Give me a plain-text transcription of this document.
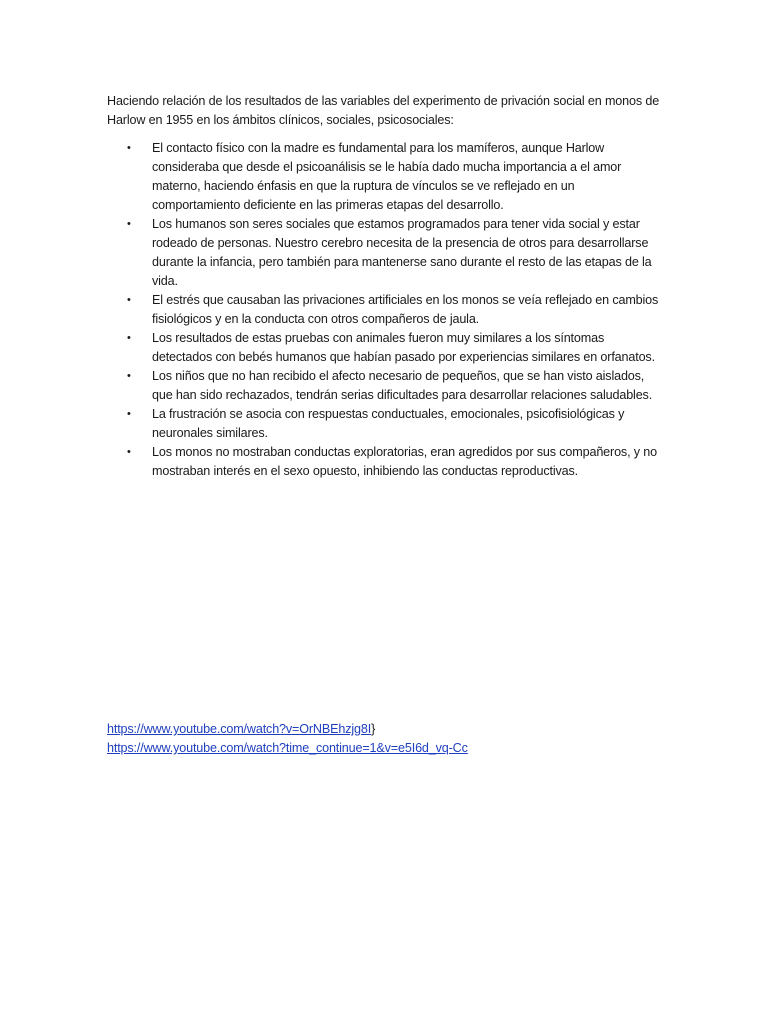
Haciendo relación de los resultados de las variables del experimento de privación social en monos de Harlow en 1955 en los ámbitos clínicos, sociales, psicosociales:

• El contacto físico con la madre es fundamental para los mamíferos, aunque Harlow consideraba que desde el psicoanálisis se le había dado mucha importancia a el amor materno, haciendo énfasis en que la ruptura de vínculos se ve reflejado en un comportamiento deficiente en las primeras etapas del desarrollo.
• Los humanos son seres sociales que estamos programados para tener vida social y estar rodeado de personas. Nuestro cerebro necesita de la presencia de otros para desarrollarse durante la infancia, pero también para mantenerse sano durante el resto de las etapas de la vida.
• El estrés que causaban las privaciones artificiales en los monos se veía reflejado en cambios fisiológicos y en la conducta con otros compañeros de jaula.
• Los resultados de estas pruebas con animales fueron muy similares a los síntomas detectados con bebés humanos que habían pasado por experiencias similares en orfanatos.
• Los niños que no han recibido el afecto necesario de pequeños, que se han visto aislados, que han sido rechazados, tendrán serias dificultades para desarrollar relaciones saludables.
• La frustración se asocia con respuestas conductuales, emocionales, psicofisiológicas y neuronales similares.
• Los monos no mostraban conductas exploratorias, eran agredidos por sus compañeros, y no mostraban interés en el sexo opuesto, inhibiendo las conductas reproductivas.
https://www.youtube.com/watch?v=OrNBEhzjg8I}
https://www.youtube.com/watch?time_continue=1&v=e5I6d_vq-Cc
